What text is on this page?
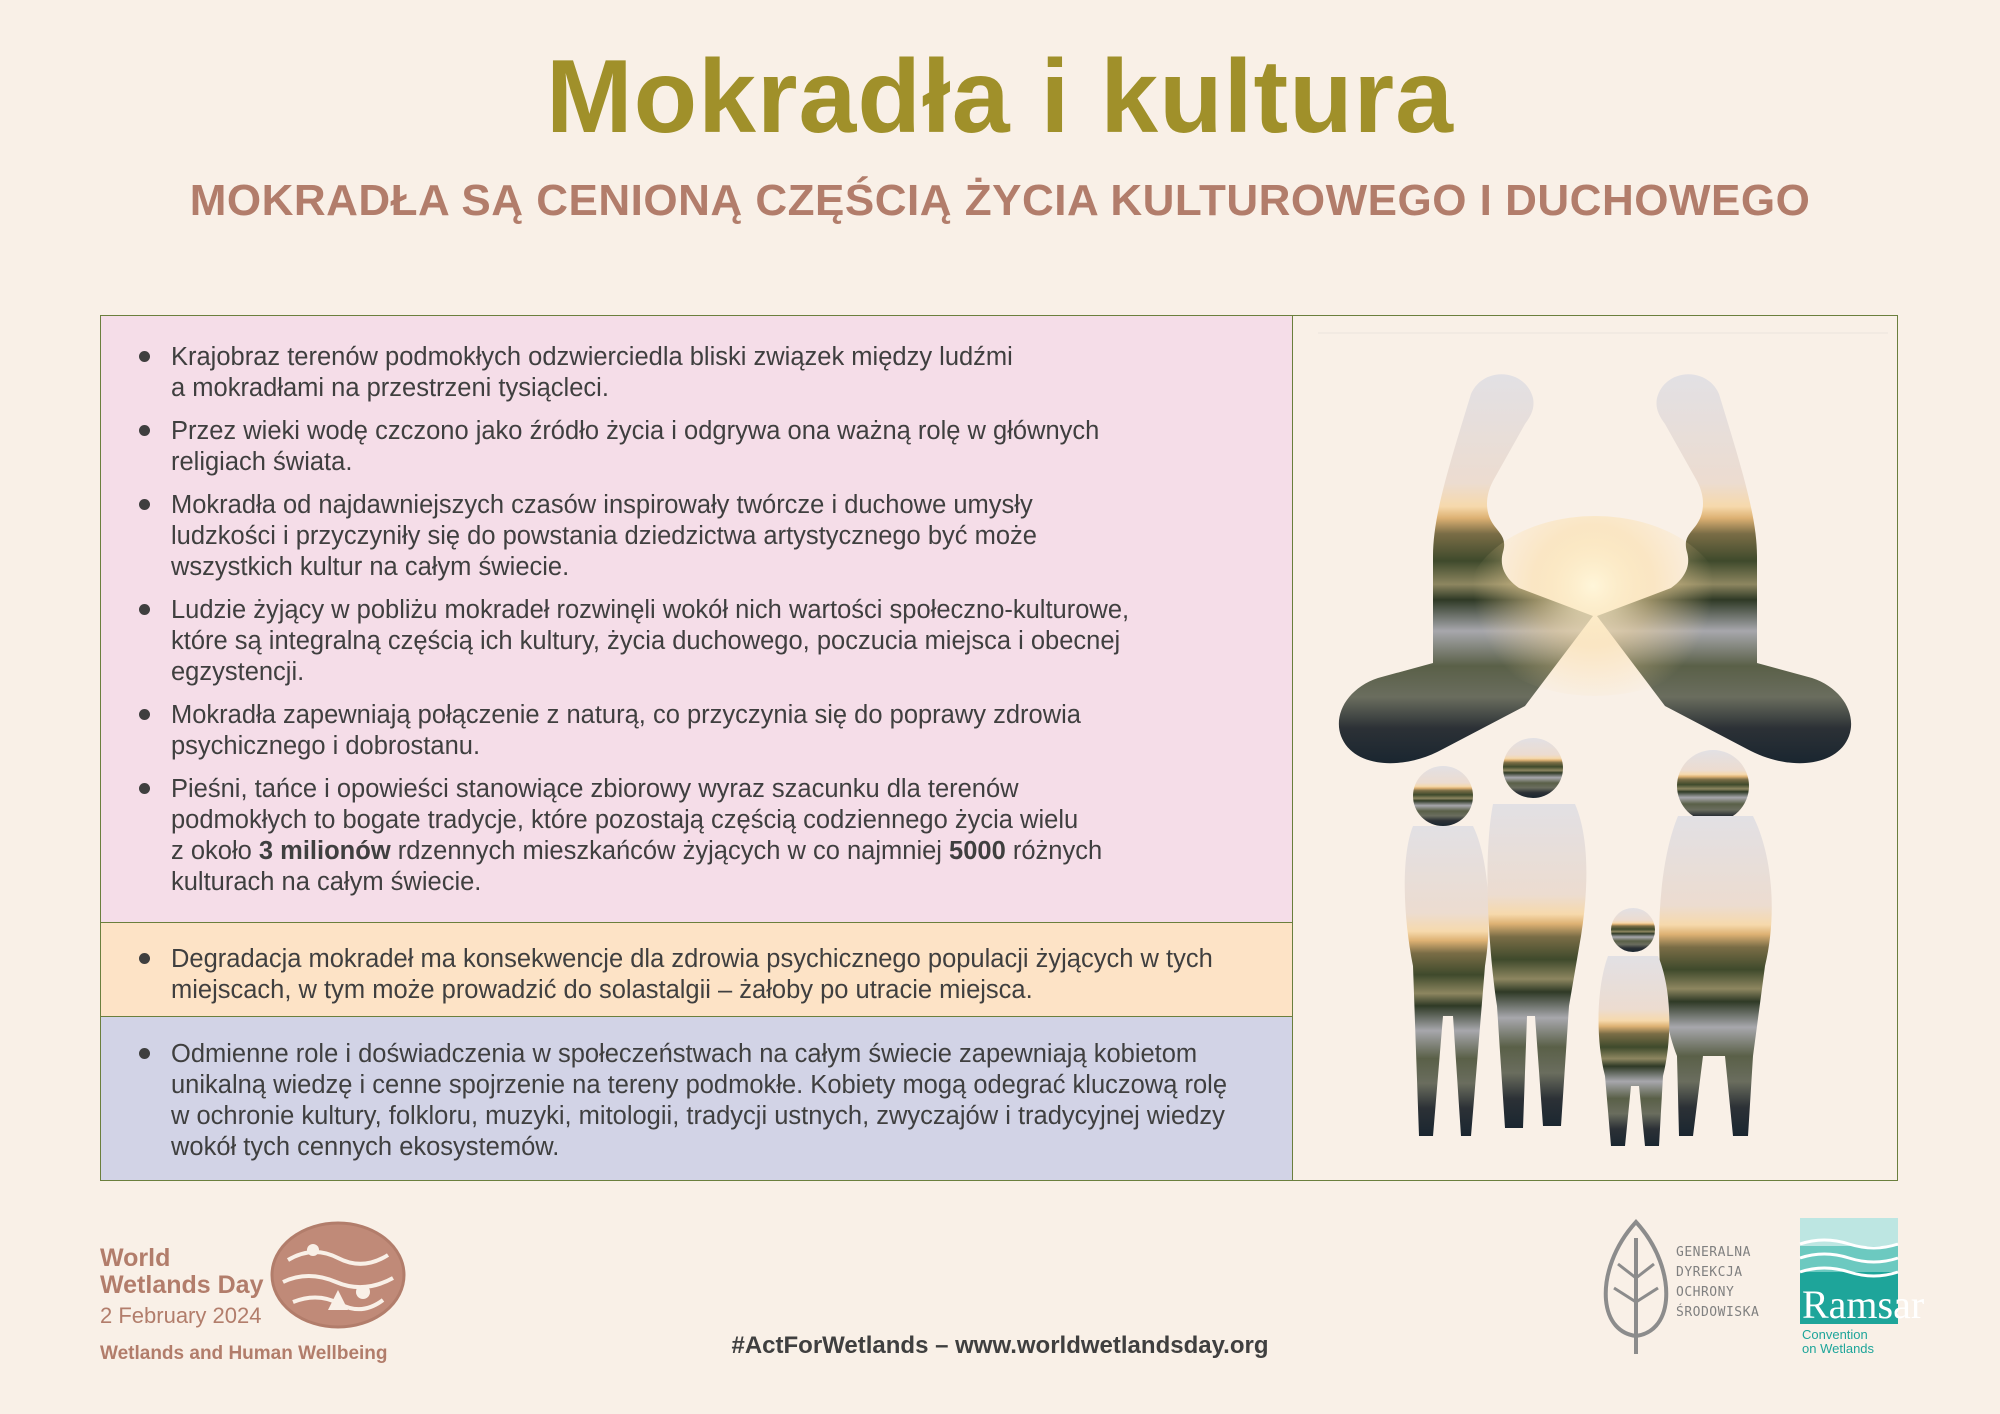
Mokradła i kultura
MOKRADŁA SĄ CENIONĄ CZĘŚCIĄ ŻYCIA KULTUROWEGO I DUCHOWEGO
Krajobraz terenów podmokłych odzwierciedla bliski związek między ludźmi
a mokradłami na przestrzeni tysiącleci.
Przez wieki wodę czczono jako źródło życia i odgrywa ona ważną rolę w głównych
religiach świata.
Mokradła od najdawniejszych czasów inspirowały twórcze i duchowe umysły
ludzkości i przyczyniły się do powstania dziedzictwa artystycznego być może
wszystkich kultur na całym świecie.
Ludzie żyjący w pobliżu mokradeł rozwinęli wokół nich wartości społeczno-kulturowe,
które są integralną częścią ich kultury, życia duchowego, poczucia miejsca i obecnej
egzystencji.
Mokradła zapewniają połączenie z naturą, co przyczynia się do poprawy zdrowia
psychicznego i dobrostanu.
Pieśni, tańce i opowieści stanowiące zbiorowy wyraz szacunku dla terenów
podmokłych to bogate tradycje, które pozostają częścią codziennego życia wielu
z około 3 milionów rdzennych mieszkańców żyjących w co najmniej 5000 różnych
kulturach na całym świecie.
Degradacja mokradeł ma konsekwencje dla zdrowia psychicznego populacji żyjących w tych
miejscach, w tym może prowadzić do solastalgii – żałoby po utracie miejsca.
Odmienne role i doświadczenia w społeczeństwach na całym świecie zapewniają kobietom
unikalną wiedzę i cenne spojrzenie na tereny podmokłe. Kobiety mogą odegrać kluczową rolę
w ochronie kultury, folkloru, muzyki, mitologii, tradycji ustnych, zwyczajów i tradycyjnej wiedzy
wokół tych cennych ekosystemów.
World
Wetlands Day
2 February 2024
Wetlands and Human Wellbeing	#ActForWetlands – www.worldwetlandsday.org
GENERALNA
DYREKCJA
OCHRONY
ŚRODOWISKA Ramsar
Convention
on Wetlands
